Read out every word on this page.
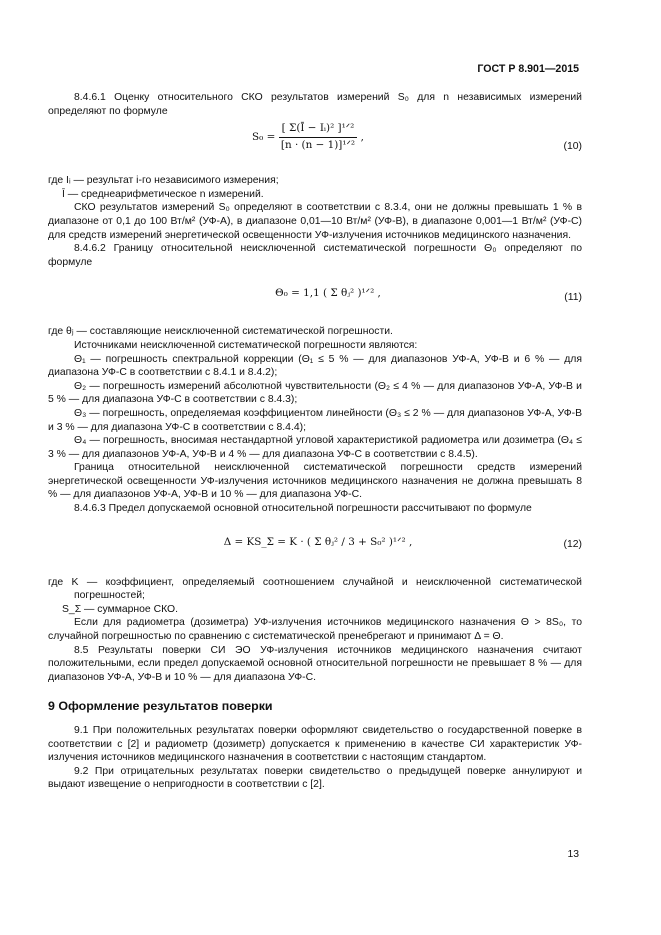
ГОСТ Р 8.901—2015

8.4.6.1 Оценку относительного СКО результатов измерений S₀ для n независимых измерений определяют по формуле

$S_0 = \frac{\text{[ Σ(Ī − Iᵢ)² ]¹ᐟ²}}{\text{[n · (n − 1)]¹ᐟ²}}$ ,
(10)

где Iᵢ — результат i-го независимого измерения;

Ī — среднеарифметическое n измерений.

СКО результатов измерений S₀ определяют в соответствии с 8.3.4, они не должны превышать 1 % в диапазоне от 0,1 до 100 Вт/м² (УФ-А), в диапазоне 0,01—10 Вт/м² (УФ-В), в диапазоне 0,001—1 Вт/м² (УФ-С) для средств измерений энергетической освещенности УФ-излучения источников медицинского назначения.

8.4.6.2 Границу относительной неисключенной систематической погрешности Θ₀ определяют по формуле

Θ₀ = 1,1 ( Σ θⱼ² )¹ᐟ² ,	(11)

где θⱼ — составляющие неисключенной систематической погрешности.

Источниками неисключенной систематической погрешности являются:

Θ₁ — погрешность спектральной коррекции (Θ₁ ≤ 5 % — для диапазонов УФ-А, УФ-В и 6 % — для диапазона УФ-С в соответствии с 8.4.1 и 8.4.2);

Θ₂ — погрешность измерений абсолютной чувствительности (Θ₂ ≤ 4 % — для диапазонов УФ-А, УФ-В и 5 % — для диапазона УФ-С в соответствии с 8.4.3);

Θ₃ — погрешность, определяемая коэффициентом линейности (Θ₃ ≤ 2 % — для диапазонов УФ-А, УФ-В и 3 % — для диапазона УФ-С в соответствии с 8.4.4);

Θ₄ — погрешность, вносимая нестандартной угловой характеристикой радиометра или дозиметра (Θ₄ ≤ 3 % — для диапазонов УФ-А, УФ-В и 4 % — для диапазона УФ-С в соответствии с 8.4.5).

Граница относительной неисключенной систематической погрешности средств измерений энергетической освещенности УФ-излучения источников медицинского назначения не должна превышать 8 % — для диапазонов УФ-А, УФ-В и 10 % — для диапазона УФ-С.

8.4.6.3 Предел допускаемой основной относительной погрешности рассчитывают по формуле

Δ = KS_Σ = K · ( Σ θⱼ² / 3 + S₀² )¹ᐟ² ,	(12)

где K — коэффициент, определяемый соотношением случайной и неисключенной систематической погрешностей;

S_Σ — суммарное СКО.

Если для радиометра (дозиметра) УФ-излучения источников медицинского назначения Θ > 8S₀, то случайной погрешностью по сравнению с систематической пренебрегают и принимают Δ = Θ.

8.5 Результаты поверки СИ ЭО УФ-излучения источников медицинского назначения считают положительными, если предел допускаемой основной относительной погрешности не превышает 8 % — для диапазонов УФ-А, УФ-В и 10 % — для диапазона УФ-С.

9 Оформление результатов поверки

9.1 При положительных результатах поверки оформляют свидетельство о государственной поверке в соответствии с [2] и радиометр (дозиметр) допускается к применению в качестве СИ характеристик УФ-излучения источников медицинского назначения в соответствии с настоящим стандартом.

9.2 При отрицательных результатах поверки свидетельство о предыдущей поверке аннулируют и выдают извещение о непригодности в соответствии с [2].

13
